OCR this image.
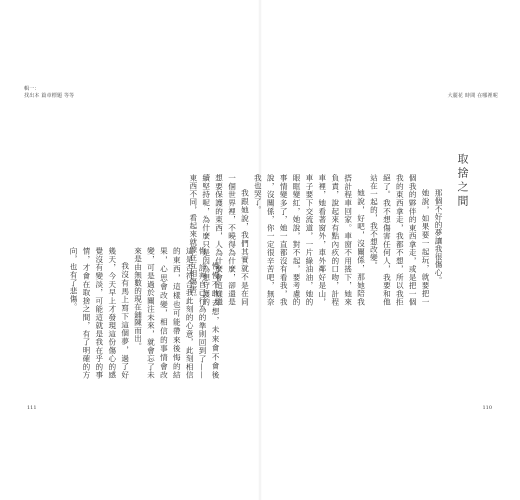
輯一：
找出本 篇章標題 等等	大麗花 時間 在哪裡呢
取捨之間

那個不好的夢讓我很傷心。

她說，如果要一起玩，就要把一個我的夥伴的東西拿走，或是把一個我的東西拿走，我都不想，所以我拒絕了。我不想傷害任何人，我要和他站在一起的，我不想改變。

她說，好吧，沒關係，那她陪我搭計程車回家。車窗不用搖下，她來負責，說起來有點內疚的口吻，計程車裡，她看著窗外，車外鄰好是山，車子要下交流道，一片綠油油，她的眼眶變紅，她說，對不起，要考慮的事情變多了，她一直都沒有看我，我說，沒關係，你一定很辛苦吧，無奈我也哭了。

我跟她說，我們其實就不是在同一個世界裡，不曉得為什麼，卻還是想要保護的東西，人為什麼會這樣繼續堅持呢，為什麼只是因為想守護的東西不同，看起來就像在互相傷害。

慢慢不敢去想，未來會不會後悔，評判自己行為的準則回到了——這是否符合我此刻的心意，此刻相信的東西，這樣也可能帶來後悔的結果，心思會改變，相信的事情會改變，可是過於關注未來，就會忘了未來是由無數的現在鋪陳而出。

我沒有馬上寫下這個夢，過了好幾天，今天早上才發現這份傷心的感覺沒有變淡，可能這就是我在乎的事情，才會在取捨之間，有了明確的方向，也有了悲傷。

111	110
